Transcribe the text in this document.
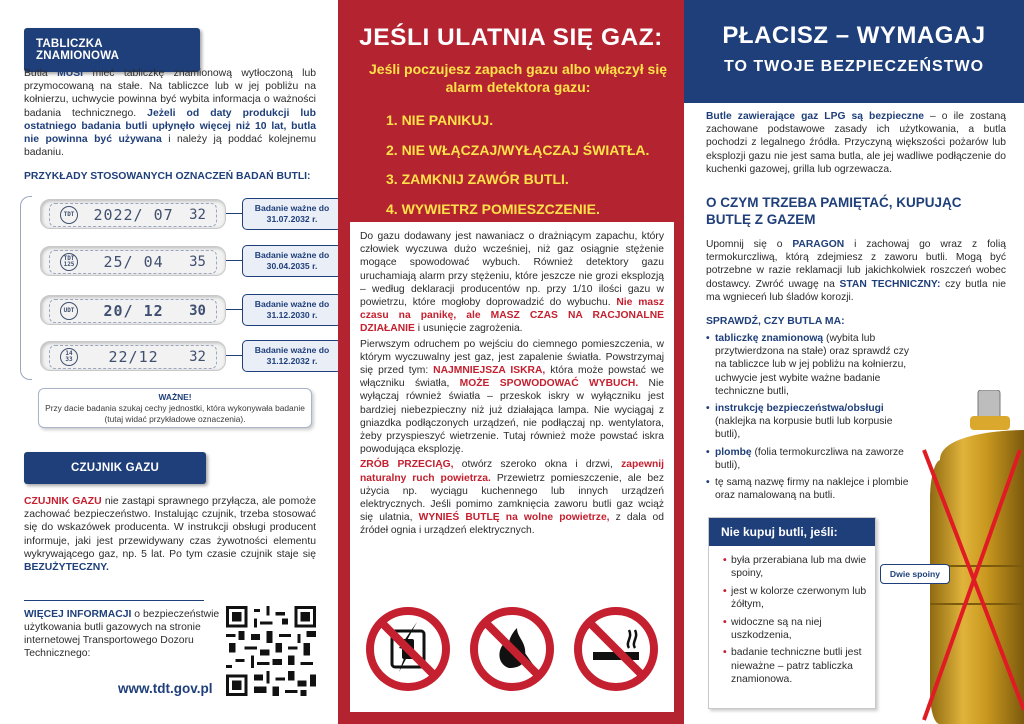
TABLICZKA ZNAMIONOWA
Butla MUSI mieć tabliczkę znamionową wytłoczoną lub przymocowaną na stałe. Na tabliczce lub w jej pobliżu na kołnierzu, uchwycie powinna być wybita informacja o ważności badania technicznego. Jeżeli od daty produkcji lub ostatniego badania butli upłynęło więcej niż 10 lat, butla nie powinna być używana i należy ją poddać kolejnemu badaniu.
PRZYKŁADY STOSOWANYCH OZNACZEŃ BADAŃ BUTLI:
TDT 2022/ 07 32	Badanie ważne do 31.07.2032 r.
TDT 125 25/ 04 35	Badanie ważne do 30.04.2035 r.
UDT 20/ 12 30	Badanie ważne do 31.12.2030 r.
14 33	22/12 32	Badanie ważne do 31.12.2032 r.
WAŻNE!
Przy dacie badania szukaj cechy jednostki, która wykonywała badanie (tutaj widać przykładowe oznaczenia).
CZUJNIK GAZU
CZUJNIK GAZU nie zastąpi sprawnego przyłącza, ale pomoże zachować bezpieczeństwo. Instalując czujnik, trzeba stosować się do wskazówek producenta. W instrukcji obsługi producent informuje, jaki jest przewidywany czas żywotności elementu wykrywającego gaz, np. 5 lat. Po tym czasie czujnik staje się BEZUŻYTECZNY.
WIĘCEJ INFORMACJI o bezpieczeństwie użytkowania butli gazowych na stronie internetowej Transportowego Dozoru Technicznego:
www.tdt.gov.pl
JEŚLI ULATNIA SIĘ GAZ:
Jeśli poczujesz zapach gazu albo włączył się alarm detektora gazu:
1. NIE PANIKUJ.
2. NIE WŁĄCZAJ/WYŁĄCZAJ ŚWIATŁA.
3. ZAMKNIJ ZAWÓR BUTLI.
4. WYWIETRZ POMIESZCZENIE.

Do gazu dodawany jest nawaniacz o drażniącym zapachu, który człowiek wyczuwa dużo wcześniej, niż gaz osiągnie stężenie mogące spowodować wybuch. Również detektory gazu uruchamiają alarm przy stężeniu, które jeszcze nie grozi eksplozją – według deklaracji producentów np. przy 1/10 ilości gazu w powietrzu, które mogłoby doprowadzić do wybuchu. Nie masz czasu na panikę, ale MASZ CZAS NA RACJONALNE DZIAŁANIE i usunięcie zagrożenia.

Pierwszym odruchem po wejściu do ciemnego pomieszczenia, w którym wyczuwalny jest gaz, jest zapalenie światła. Powstrzymaj się przed tym: NAJMNIEJSZA ISKRA, która może powstać we włączniku światła, MOŻE SPOWODOWAĆ WYBUCH. Nie wyłączaj również światła – przeskok iskry w wyłączniku jest bardziej niebezpieczny niż już działająca lampa. Nie wyciągaj z gniazdka podłączonych urządzeń, nie podłączaj np. wentylatora, żeby przyspieszyć wietrzenie. Tutaj również może powstać iskra powodująca eksplozję.

ZRÓB PRZECIĄG, otwórz szeroko okna i drzwi, zapewnij naturalny ruch powietrza. Przewietrz pomieszczenie, ale bez użycia np. wyciągu kuchennego lub innych urządzeń elektrycznych. Jeśli pomimo zamknięcia zaworu butli gaz wciąż się ulatnia, WYNIEŚ BUTLĘ na wolne powietrze, z dala od źródeł ognia i urządzeń elektrycznych.

PŁACISZ – WYMAGAJ
TO TWOJE BEZPIECZEŃSTWO
Butle zawierające gaz LPG są bezpieczne – o ile zostaną zachowane podstawowe zasady ich użytkowania, a butla pochodzi z legalnego źródła. Przyczyną większości pożarów lub eksplozji gazu nie jest sama butla, ale jej wadliwe podłączenie do kuchenki gazowej, grilla lub ogrzewacza.
O CZYM TRZEBA PAMIĘTAĆ, KUPUJĄC BUTLĘ Z GAZEM
Upomnij się o PARAGON i zachowaj go wraz z folią termokurczliwą, którą zdejmiesz z zaworu butli. Mogą być potrzebne w razie reklamacji lub jakichkolwiek roszczeń wobec dostawcy. Zwróć uwagę na STAN TECHNICZNY: czy butla nie ma wgnieceń lub śladów korozji.
SPRAWDŹ, CZY BUTLA MA:
• tabliczkę znamionową (wybita lub przytwierdzona na stałe) oraz sprawdź czy na tabliczce lub w jej pobliżu na kołnierzu, uchwycie jest wybite ważne badanie techniczne butli,
• instrukcję bezpieczeństwa/obsługi (naklejka na korpusie butli lub korpusie butli),
• plombę (folia termokurczliwa na zaworze butli),
• tę samą nazwę firmy na naklejce i plombie oraz namalowaną na butli.
Dwie spoiny
Nie kupuj butli, jeśli:
• była przerabiana lub ma dwie spoiny,
• jest w kolorze czerwonym lub żółtym,
• widoczne są na niej uszkodzenia,
• badanie techniczne butli jest nieważne – patrz tabliczka znamionowa.
